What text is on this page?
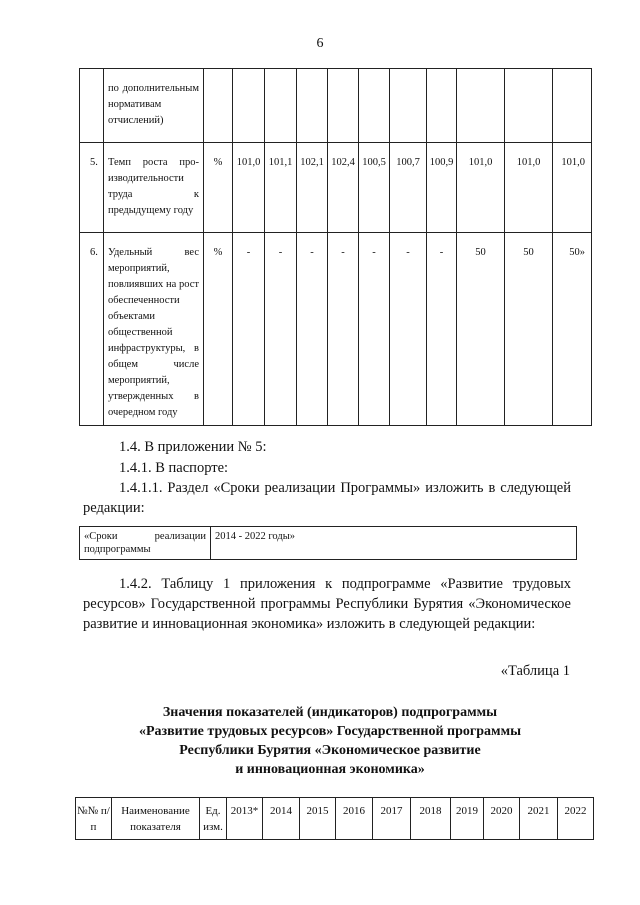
6
	по дополнительным нормативам отчислений)											
5.	Темп роста производительности труда к предыдущему году	%	101,0	101,1	102,1	102,4	100,5	100,7	100,9	101,0	101,0	101,0
6.	Удельный вес мероприятий, повлиявших на рост обеспеченности объектами общественной инфраструктуры, в общем числе мероприятий, утвержденных в очередном году	%	-	-	-	-	-	-	-	50	50	50»
1.4. В приложении № 5:
1.4.1. В паспорте:
1.4.1.1. Раздел «Сроки реализации Программы» изложить в следующей редакции:
«Сроки реализации подпрограммы	2014 - 2022 годы»
1.4.2. Таблицу 1 приложения к подпрограмме «Развитие трудовых ресурсов» Государственной программы Республики Бурятия «Экономическое развитие и инновационная экономика» изложить в следующей редакции:
«Таблица 1
Значения показателей (индикаторов) подпрограммы
«Развитие трудовых ресурсов» Государственной программы
Республики Бурятия «Экономическое развитие
и инновационная экономика»
№№ п/п	Наименование показателя	Ед. изм.	2013*	2014	2015	2016	2017	2018	2019	2020	2021	2022
